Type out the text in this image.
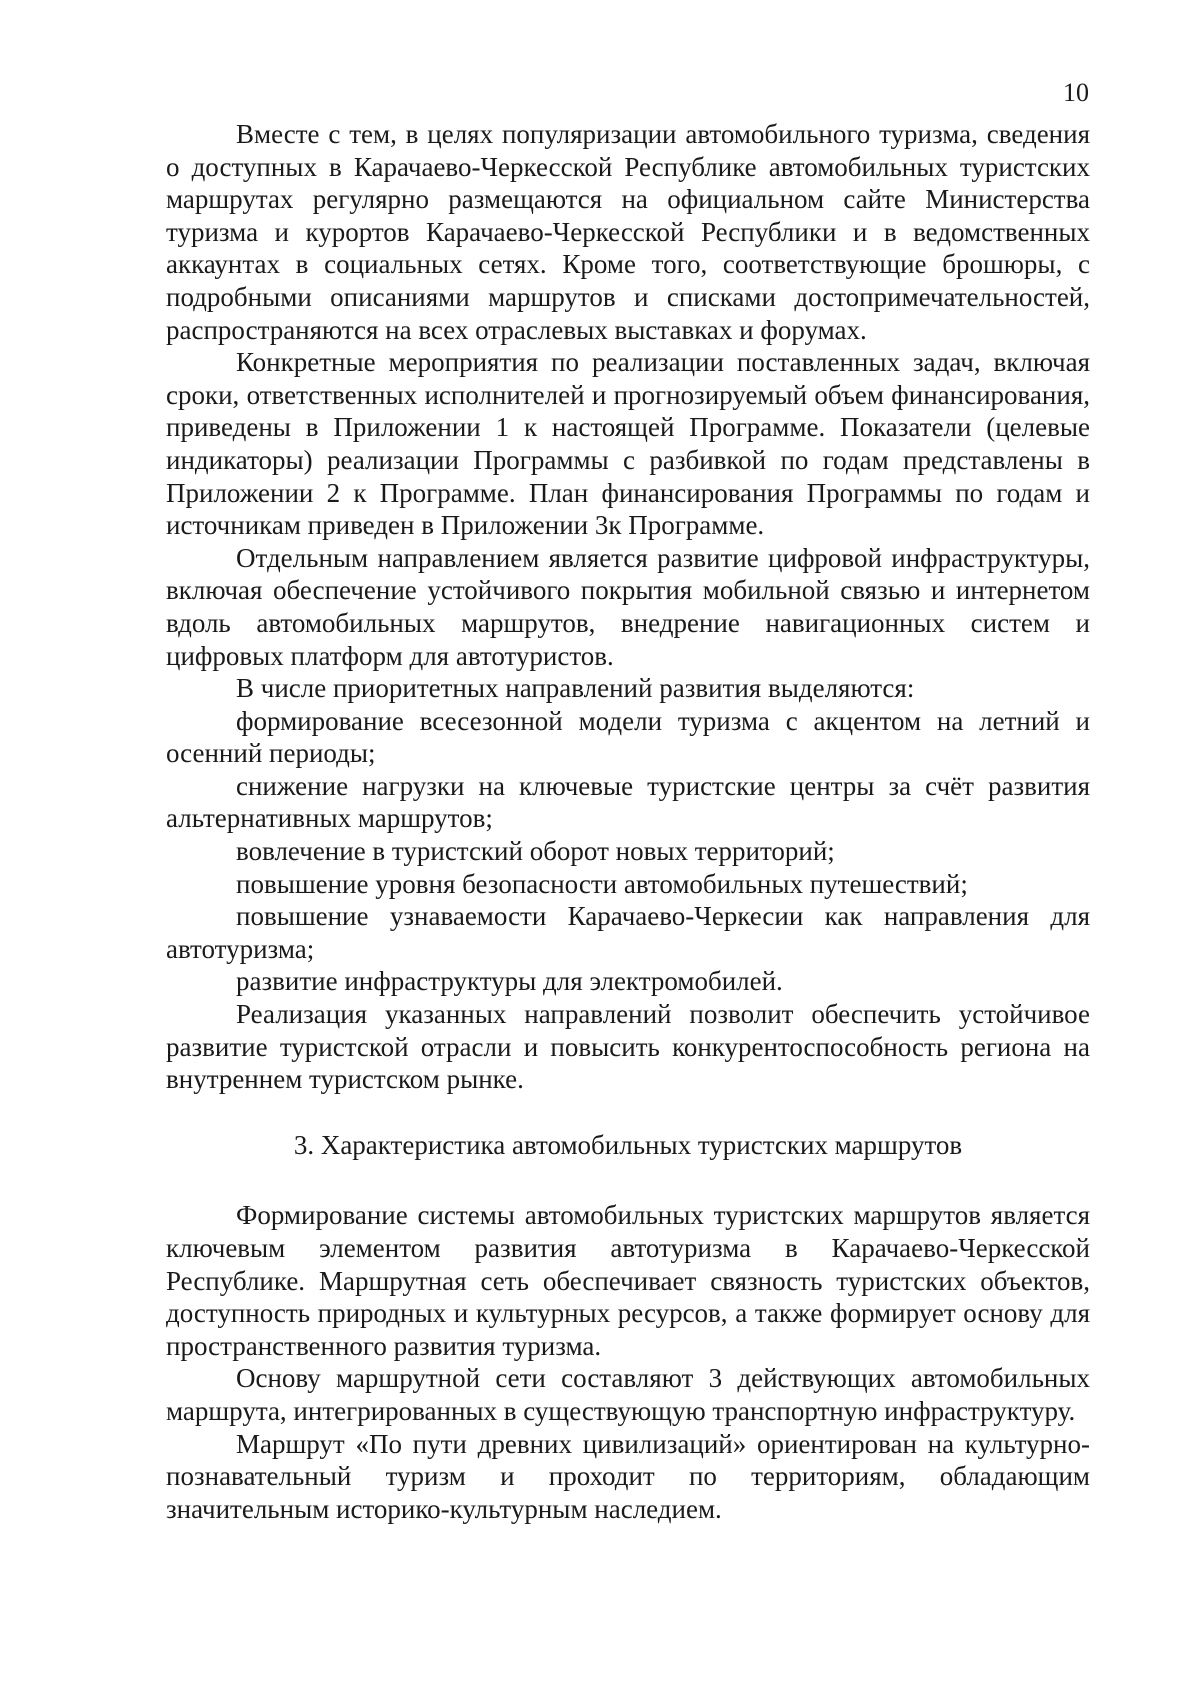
10

Вместе с тем, в целях популяризации автомобильного туризма, сведения о доступных в Карачаево-Черкесской Республике автомобильных туристских маршрутах регулярно размещаются на официальном сайте Министерства туризма и курортов Карачаево-Черкесской Республики и в ведомственных аккаунтах в социальных сетях. Кроме того, соответствующие брошюры, с подробными описаниями маршрутов и списками достопримечательностей, распространяются на всех отраслевых выставках и форумах.

Конкретные мероприятия по реализации поставленных задач, включая сроки, ответственных исполнителей и прогнозируемый объем финансирования, приведены в Приложении 1 к настоящей Программе. Показатели (целевые индикаторы) реализации Программы с разбивкой по годам представлены в Приложении 2 к Программе. План финансирования Программы по годам и источникам приведен в Приложении 3к Программе.

Отдельным направлением является развитие цифровой инфраструктуры, включая обеспечение устойчивого покрытия мобильной связью и интернетом вдоль автомобильных маршрутов, внедрение навигационных систем и цифровых платформ для автотуристов.

В числе приоритетных направлений развития выделяются:

формирование всесезонной модели туризма с акцентом на летний и осенний периоды;

снижение нагрузки на ключевые туристские центры за счёт развития альтернативных маршрутов;

вовлечение в туристский оборот новых территорий;

повышение уровня безопасности автомобильных путешествий;

повышение узнаваемости Карачаево-Черкесии как направления для автотуризма;

развитие инфраструктуры для электромобилей.

Реализация указанных направлений позволит обеспечить устойчивое развитие туристской отрасли и повысить конкурентоспособность региона на внутреннем туристском рынке.

3. Характеристика автомобильных туристских маршрутов

Формирование системы автомобильных туристских маршрутов является ключевым элементом развития автотуризма в Карачаево-Черкесской Республике. Маршрутная сеть обеспечивает связность туристских объектов, доступность природных и культурных ресурсов, а также формирует основу для пространственного развития туризма.

Основу маршрутной сети составляют 3 действующих автомобильных маршрута, интегрированных в существующую транспортную инфраструктуру.

Маршрут «По пути древних цивилизаций» ориентирован на культурно-познавательный туризм и проходит по территориям, обладающим значительным историко-культурным наследием.
